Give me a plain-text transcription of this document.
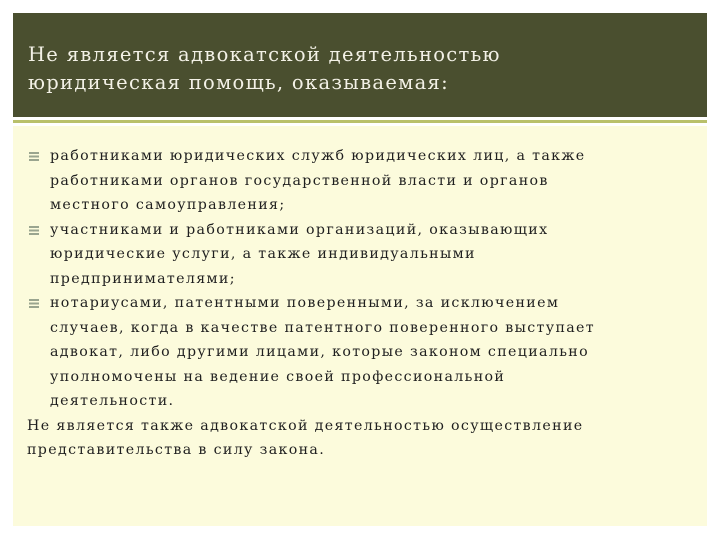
Не является адвокатской деятельностью
юридическая помощь, оказываемая:
работниками юридических служб юридических лиц, а также
работниками органов государственной власти и органов
местного самоуправления;
участниками и работниками организаций, оказывающих
юридические услуги, а также индивидуальными
предпринимателями;
нотариусами, патентными поверенными, за исключением
случаев, когда в качестве патентного поверенного выступает
адвокат, либо другими лицами, которые законом специально
уполномочены на ведение своей профессиональной
деятельности.

Не является также адвокатской деятельностью осуществление
представительства в силу закона.
